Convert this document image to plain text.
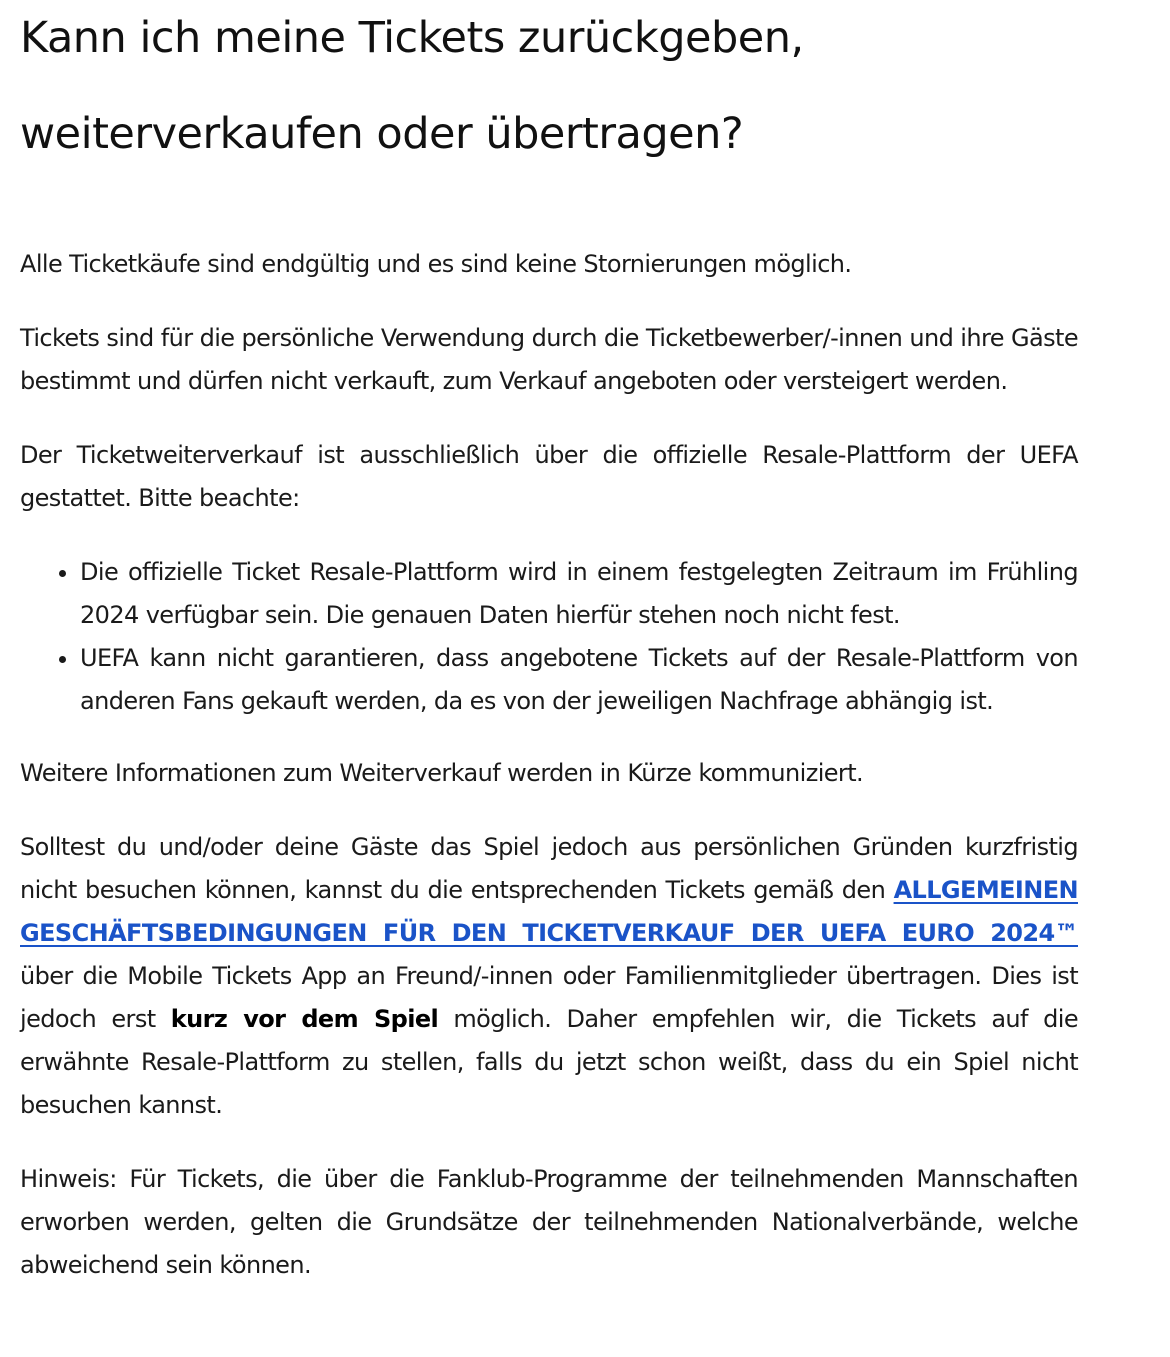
Kann ich meine Tickets zurückgeben,
weiterverkaufen oder übertragen?

Alle Ticketkäufe sind endgültig und es sind keine Stornierungen möglich.

Tickets sind für die persönliche Verwendung durch die Ticketbewerber/-innen und ihre Gäste bestimmt und dürfen nicht verkauft, zum Verkauf angeboten oder versteigert werden.

Der Ticketweiterverkauf ist ausschließlich über die offizielle Resale-Plattform der UEFA gestattet. Bitte beachte:

• Die offizielle Ticket Resale-Plattform wird in einem festgelegten Zeitraum im Frühling 2024 verfügbar sein. Die genauen Daten hierfür stehen noch nicht fest.
• UEFA kann nicht garantieren, dass angebotene Tickets auf der Resale-Plattform von anderen Fans gekauft werden, da es von der jeweiligen Nachfrage abhängig ist.

Weitere Informationen zum Weiterverkauf werden in Kürze kommuniziert.

Solltest du und/oder deine Gäste das Spiel jedoch aus persönlichen Gründen kurzfristig nicht besuchen können, kannst du die entsprechenden Tickets gemäß den ALLGEMEINEN GESCHÄFTSBEDINGUNGEN FÜR DEN TICKETVERKAUF DER UEFA EURO 2024™ über die Mobile Tickets App an Freund/-innen oder Familienmitglieder übertragen. Dies ist jedoch erst kurz vor dem Spiel möglich. Daher empfehlen wir, die Tickets auf die erwähnte Resale-Plattform zu stellen, falls du jetzt schon weißt, dass du ein Spiel nicht besuchen kannst.

Hinweis: Für Tickets, die über die Fanklub-Programme der teilnehmenden Mannschaften erworben werden, gelten die Grundsätze der teilnehmenden Nationalverbände, welche abweichend sein können.
